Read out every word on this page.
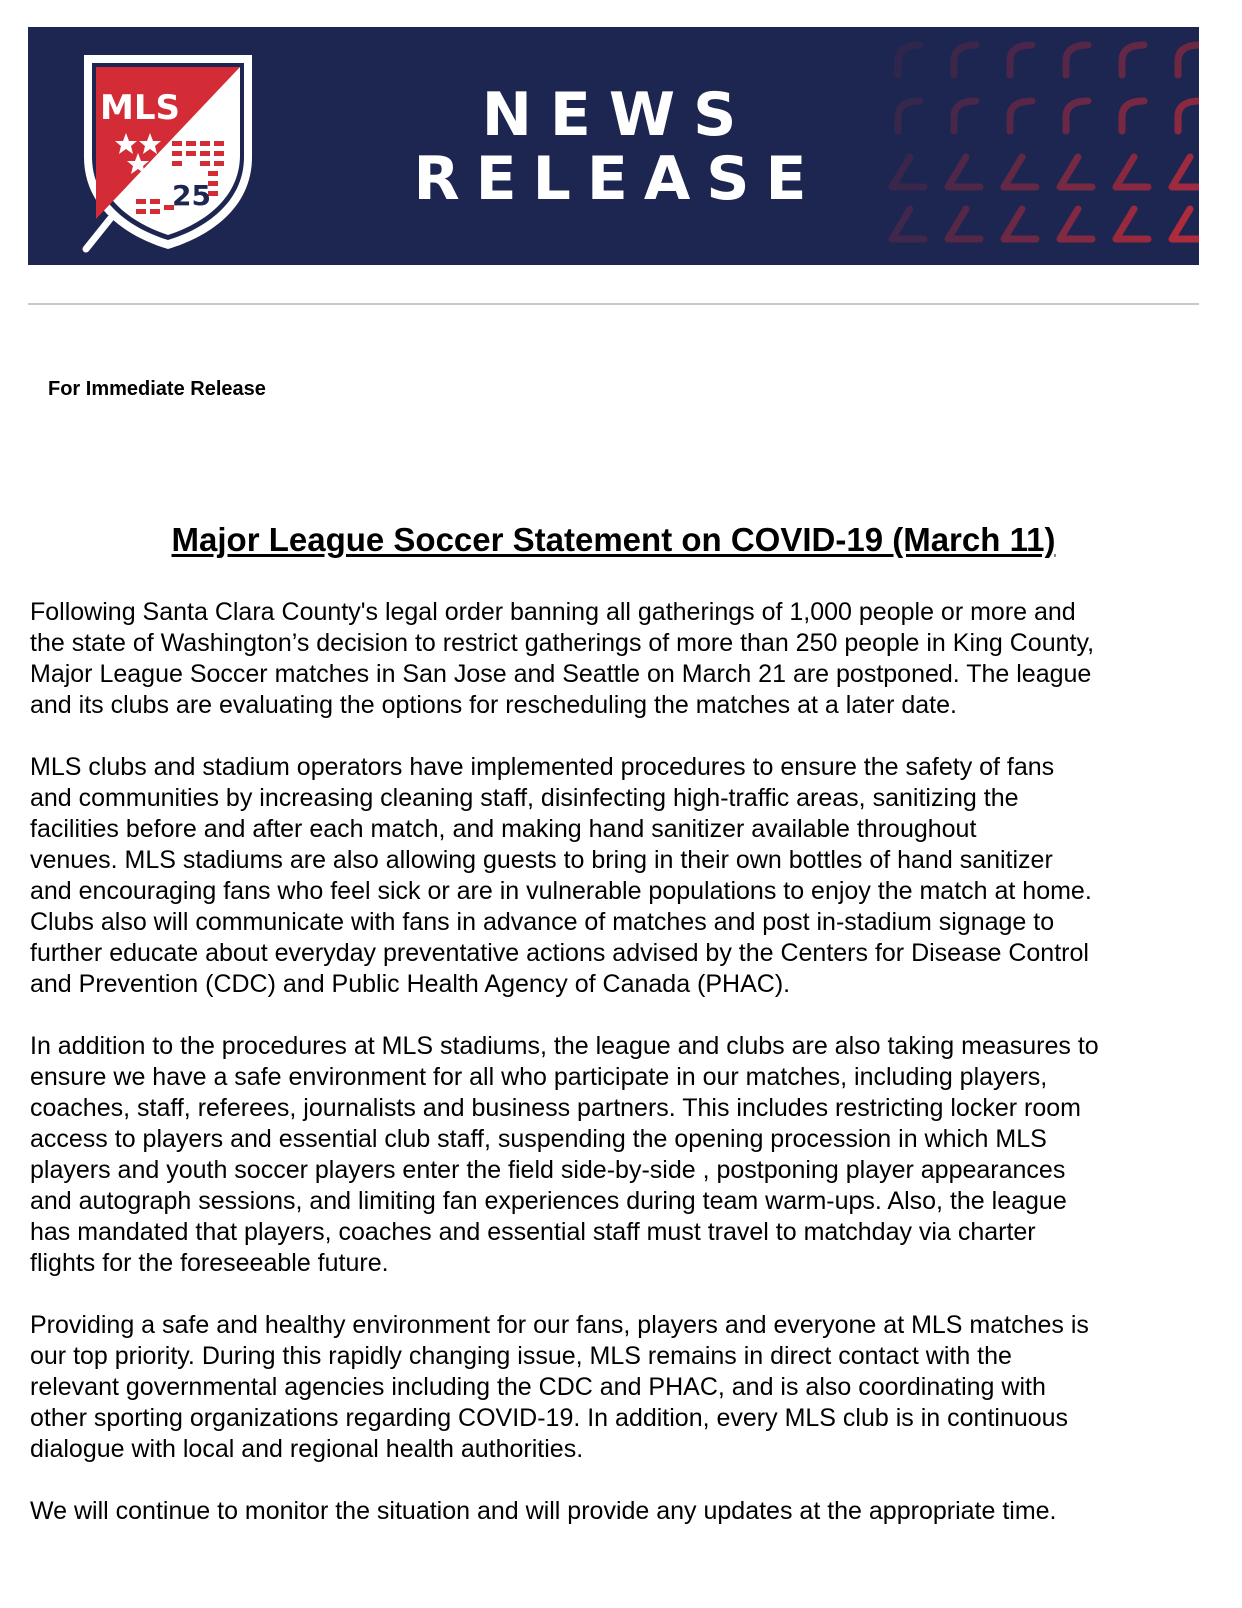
MLS
25
NEWS
RELEASE
For Immediate Release
Major League Soccer Statement on COVID-19 (March 11)

Following Santa Clara County's legal order banning all gatherings of 1,000 people or more and
the state of Washington’s decision to restrict gatherings of more than 250 people in King County,
Major League Soccer matches in San Jose and Seattle on March 21 are postponed. The league
and its clubs are evaluating the options for rescheduling the matches at a later date.

MLS clubs and stadium operators have implemented procedures to ensure the safety of fans
and communities by increasing cleaning staff, disinfecting high-traffic areas, sanitizing the
facilities before and after each match, and making hand sanitizer available throughout
venues. MLS stadiums are also allowing guests to bring in their own bottles of hand sanitizer
and encouraging fans who feel sick or are in vulnerable populations to enjoy the match at home.
Clubs also will communicate with fans in advance of matches and post in-stadium signage to
further educate about everyday preventative actions advised by the Centers for Disease Control
and Prevention (CDC) and Public Health Agency of Canada (PHAC).

In addition to the procedures at MLS stadiums, the league and clubs are also taking measures to
ensure we have a safe environment for all who participate in our matches, including players,
coaches, staff, referees, journalists and business partners. This includes restricting locker room
access to players and essential club staff, suspending the opening procession in which MLS
players and youth soccer players enter the field side-by-side , postponing player appearances
and autograph sessions, and limiting fan experiences during team warm-ups. Also, the league
has mandated that players, coaches and essential staff must travel to matchday via charter
flights for the foreseeable future.

Providing a safe and healthy environment for our fans, players and everyone at MLS matches is
our top priority. During this rapidly changing issue, MLS remains in direct contact with the
relevant governmental agencies including the CDC and PHAC, and is also coordinating with
other sporting organizations regarding COVID-19. In addition, every MLS club is in continuous
dialogue with local and regional health authorities.

We will continue to monitor the situation and will provide any updates at the appropriate time.
